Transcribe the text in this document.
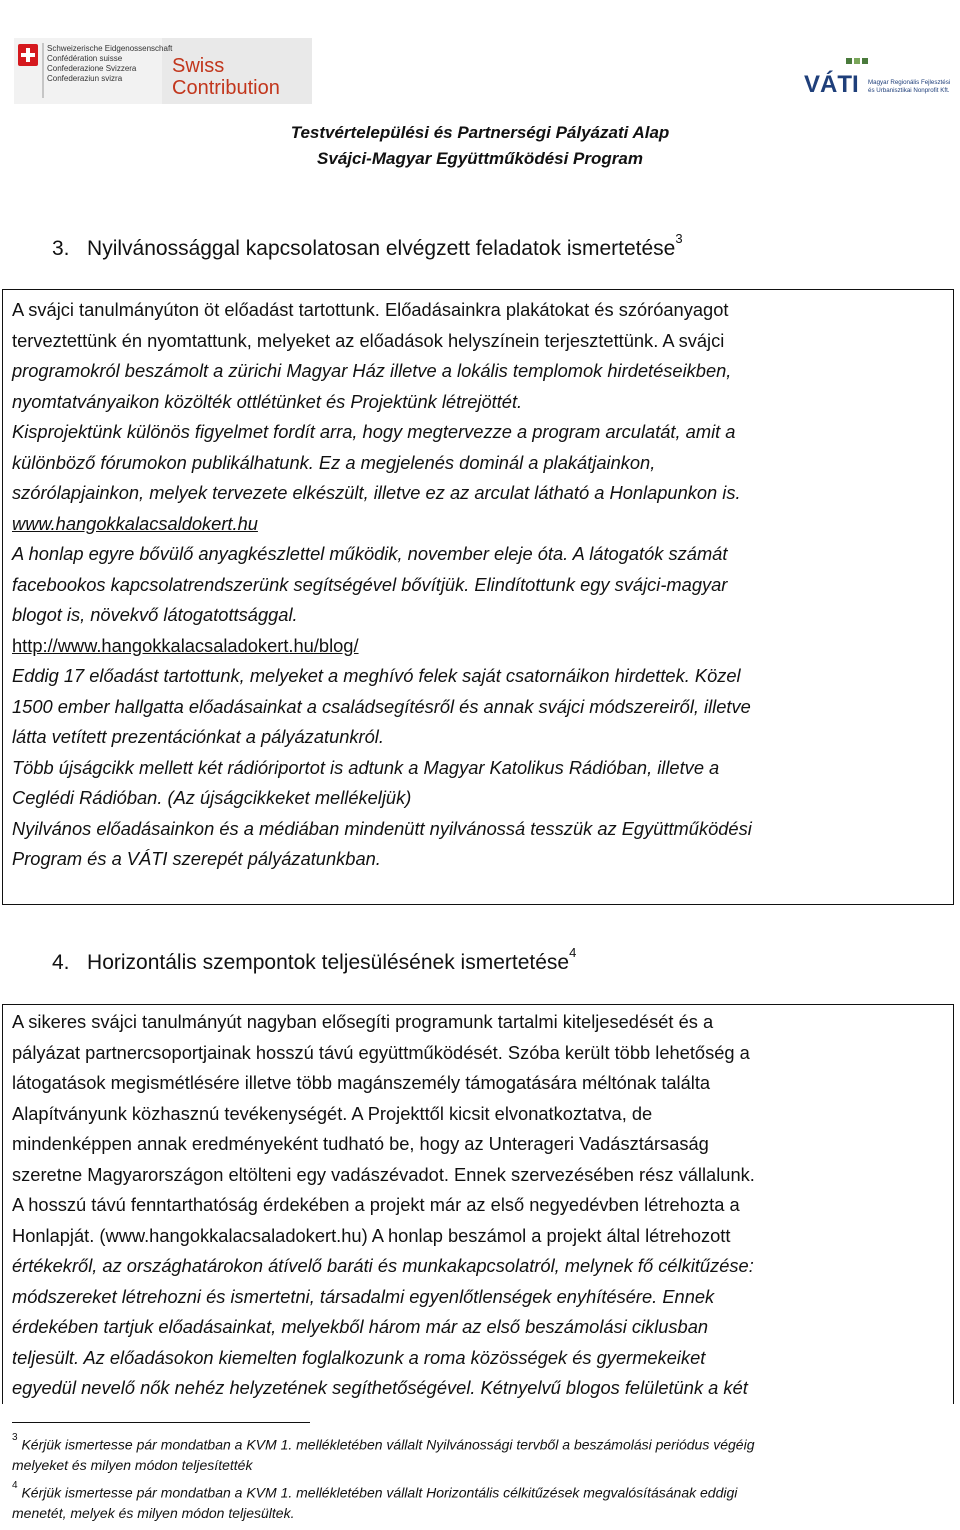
Schweizerische Eidgenossenschaft
Confédération suisse
Confederazione Svizzera
Confederaziun svizra
Swiss
Contribution	VÁTI Magyar Regionális Fejlesztési
és Urbanisztikai Nonprofit Kft.
Testvértelepülési és Partnerségi Pályázati Alap
Svájci-Magyar Együttműködési Program
3. Nyilvánossággal kapcsolatosan elvégzett feladatok ismertetése$^3$
A svájci tanulmányúton öt előadást tartottunk. Előadásainkra plakátokat és szóróanyagot
terveztettünk én nyomtattunk, melyeket az előadások helyszínein terjesztettünk. A svájci
programokról beszámolt a zürichi Magyar Ház illetve a lokális templomok hirdetéseikben,
nyomtatványaikon közölték ottlétünket és Projektünk létrejöttét.
Kisprojektünk különös figyelmet fordít arra, hogy megtervezze a program arculatát, amit a
különböző fórumokon publikálhatunk. Ez a megjelenés dominál a plakátjainkon,
szórólapjainkon, melyek tervezete elkészült, illetve ez az arculat látható a Honlapunkon is.
www.hangokkalacsaldokert.hu
A honlap egyre bővülő anyagkészlettel működik, november eleje óta. A látogatók számát
facebookos kapcsolatrendszerünk segítségével bővítjük. Elindítottunk egy svájci-magyar
blogot is, növekvő látogatottsággal.
http://www.hangokkalacsaladokert.hu/blog/
Eddig 17 előadást tartottunk, melyeket a meghívó felek saját csatornáikon hirdettek. Közel
1500 ember hallgatta előadásainkat a családsegítésről és annak svájci módszereiről, illetve
látta vetített prezentációnkat a pályázatunkról.
Több újságcikk mellett két rádióriportot is adtunk a Magyar Katolikus Rádióban, illetve a
Ceglédi Rádióban. (Az újságcikkeket mellékeljük)
Nyilvános előadásainkon és a médiában mindenütt nyilvánossá tesszük az Együttműködési
Program és a VÁTI szerepét pályázatunkban.
4. Horizontális szempontok teljesülésének ismertetése$^4$
A sikeres svájci tanulmányút nagyban elősegíti programunk tartalmi kiteljesedését és a
pályázat partnercsoportjainak hosszú távú együttműködését. Szóba került több lehetőség a
látogatások megismétlésére illetve több magánszemély támogatására méltónak találta
Alapítványunk közhasznú tevékenységét. A Projekttől kicsit elvonatkoztatva, de
mindenképpen annak eredményeként tudható be, hogy az Unterageri Vadásztársaság
szeretne Magyarországon eltölteni egy vadászévadot. Ennek szervezésében rész vállalunk.
A hosszú távú fenntarthatóság érdekében a projekt már az első negyedévben létrehozta a
Honlapját. (www.hangokkalacsaladokert.hu) A honlap beszámol a projekt által létrehozott
értékekről, az országhatárokon átívelő baráti és munkakapcsolatról, melynek fő célkitűzése:
módszereket létrehozni és ismertetni, társadalmi egyenlőtlenségek enyhítésére. Ennek
érdekében tartjuk előadásainkat, melyekből három már az első beszámolási ciklusban
teljesült. Az előadásokon kiemelten foglalkozunk a roma közösségek és gyermekeiket
egyedül nevelő nők nehéz helyzetének segíthetőségével. Kétnyelvű blogos felületünk a két
$^3$ Kérjük ismertesse pár mondatban a KVM 1. mellékletében vállalt Nyilvánossági tervből a beszámolási periódus végéig
melyeket és milyen módon teljesítették
$^4$ Kérjük ismertesse pár mondatban a KVM 1. mellékletében vállalt Horizontális célkitűzések megvalósításának eddigi
menetét, melyek és milyen módon teljesültek.
